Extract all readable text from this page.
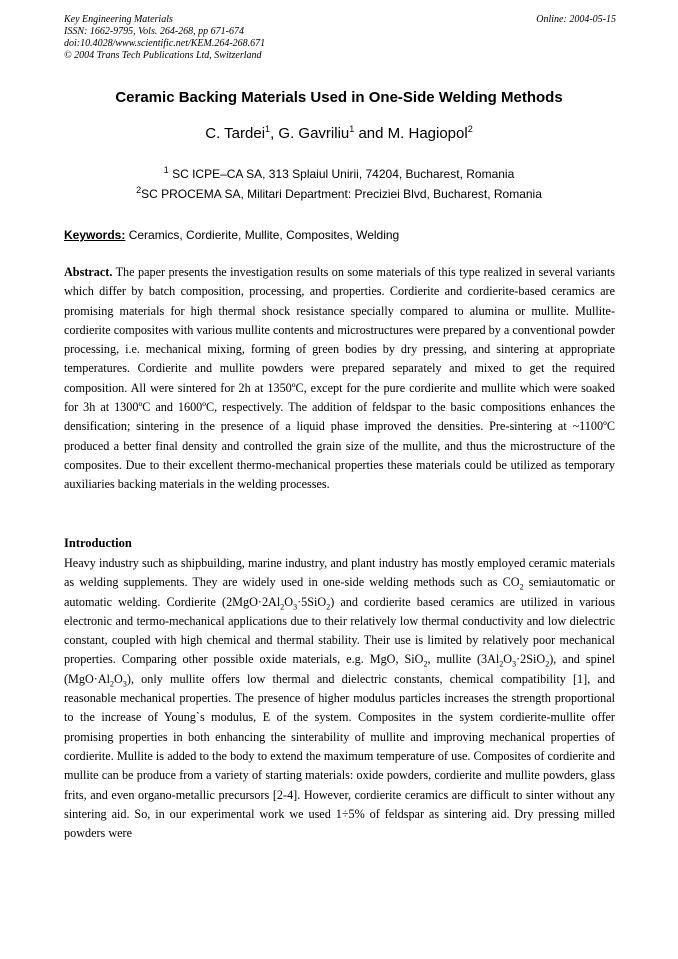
Key Engineering Materials
ISSN: 1662-9795, Vols. 264-268, pp 671-674
doi:10.4028/www.scientific.net/KEM.264-268.671
© 2004 Trans Tech Publications Ltd, Switzerland
Online: 2004-05-15
Ceramic Backing Materials Used in One-Side Welding Methods
C. Tardei$^1$, G. Gavriliu$^1$ and M. Hagiopol$^2$
$^1$ SC ICPE–CA SA, 313 Splaiul Unirii, 74204, Bucharest, Romania
$^2$SC PROCEMA SA, Militari Department: Preciziei Blvd, Bucharest, Romania
Keywords: Ceramics, Cordierite, Mullite, Composites, Welding
Abstract. The paper presents the investigation results on some materials of this type realized in several variants which differ by batch composition, processing, and properties. Cordierite and cordierite-based ceramics are promising materials for high thermal shock resistance specially compared to alumina or mullite. Mullite-cordierite composites with various mullite contents and microstructures were prepared by a conventional powder processing, i.e. mechanical mixing, forming of green bodies by dry pressing, and sintering at appropriate temperatures. Cordierite and mullite powders were prepared separately and mixed to get the required composition. All were sintered for 2h at 1350ºC, except for the pure cordierite and mullite which were soaked for 3h at 1300ºC and 1600ºC, respectively. The addition of feldspar to the basic compositions enhances the densification; sintering in the presence of a liquid phase improved the densities. Pre-sintering at ~1100ºC produced a better final density and controlled the grain size of the mullite, and thus the microstructure of the composites. Due to their excellent thermo-mechanical properties these materials could be utilized as temporary auxiliaries backing materials in the welding processes.
Introduction
Heavy industry such as shipbuilding, marine industry, and plant industry has mostly employed ceramic materials as welding supplements. They are widely used in one-side welding methods such as $CO_2$ semiautomatic or automatic welding. Cordierite $(2MgO\cdot 2Al_2O_3\cdot 5SiO_2)$ and cordierite based ceramics are utilized in various electronic and termo-mechanical applications due to their relatively low thermal conductivity and low dielectric constant, coupled with high chemical and thermal stability. Their use is limited by relatively poor mechanical properties. Comparing other possible oxide materials, e.g. MgO, SiO$_2$, mullite $(3Al_2O_3\cdot 2SiO_2)$, and spinel $(MgO\cdot Al_2O_3)$, only mullite offers low thermal and dielectric constants, chemical compatibility [1], and reasonable mechanical properties. The presence of higher modulus particles increases the strength proportional to the increase of Young`s modulus, E of the system. Composites in the system cordierite-mullite offer promising properties in both enhancing the sinterability of mullite and improving mechanical properties of cordierite. Mullite is added to the body to extend the maximum temperature of use. Composites of cordierite and mullite can be produce from a variety of starting materials: oxide powders, cordierite and mullite powders, glass frits, and even organo-metallic precursors [2-4]. However, cordierite ceramics are difficult to sinter without any sintering aid. So, in our experimental work we used 1÷5% of feldspar as sintering aid. Dry pressing milled powders were
